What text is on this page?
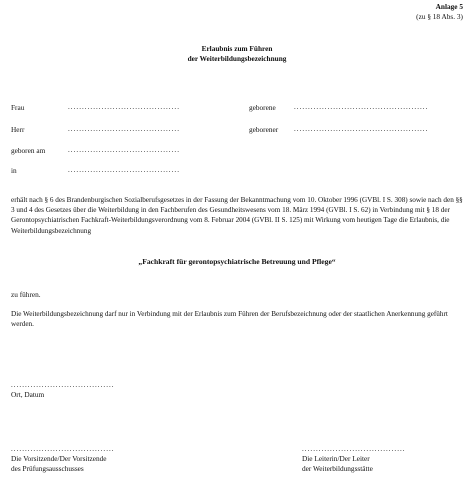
Anlage 5
(zu § 18 Abs. 3)
Erlaubnis zum Führen
der Weiterbildungsbezeichnung
Frau	........................................	geborene	................................................
Herr	........................................	geborener ................................................
geboren am	........................................
in	........................................
erhält nach § 6 des Brandenburgischen Sozialberufsgesetzes in der Fassung der Bekanntmachung vom 10. Oktober 1996 (GVBl. I S. 308) sowie nach den §§ 3 und 4 des Gesetzes über die Weiterbildung in den Fachberufen des Gesundheitswesens vom 18. März 1994 (GVBl. I S. 62) in Verbindung mit § 18 der Gerontopsychiatrischen Fachkraft-Weiterbildungsverordnung vom 8. Februar 2004 (GVBl. II S. 125) mit Wirkung vom heutigen Tage die Erlaubnis, die Weiterbildungsbezeichnung
„Fachkraft für gerontopsychiatrische Betreuung und Pflege“
zu führen.
Die Weiterbildungsbezeichnung darf nur in Verbindung mit der Erlaubnis zum Führen der Berufsbezeichnung oder der staatlichen Anerkennung geführt werden.
.....................................
Ort, Datum
.....................................
Die Vorsitzende/Der Vorsitzende
des Prüfungsausschusses
.....................................
Die Leiterin/Der Leiter
der Weiterbildungsstätte
